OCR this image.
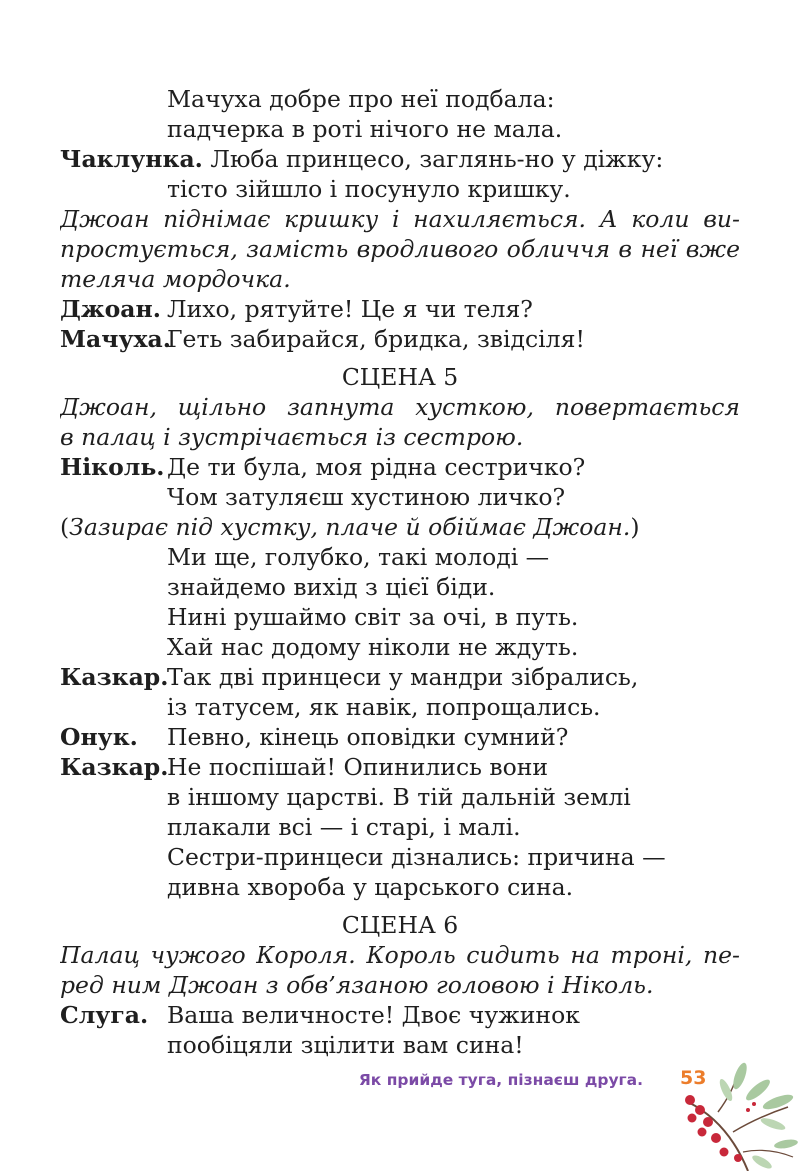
Мачуха добре про неї подбала:
падчерка в роті нічого не мала.
Чаклунка. Люба принцесо, заглянь-но у діжку:
тісто зійшло і посунуло кришку.
Джоан піднімає кришку і нахиляється. А коли ви-
простується, замість вродливого обличчя в неї вже
теляча мордочка.
Джоан. Лихо, рятуйте! Це я чи теля?
Мачуха.Геть забирайся, бридка, звідсіля!
СЦЕНА 5
Джоан, щільно запнута хусткою, повертається
в палац і зустрічається із сестрою.
Ніколь. Де ти була, моя рідна сестричко?
Чом затуляєш хустиною личко?
(Зазирає під хустку, плаче й обіймає Джоан.)
Ми ще, голубко, такі молоді —
знайдемо вихід з цієї біди.
Нині рушаймо світ за очі, в путь.
Хай нас додому ніколи не ждуть.
Казкар.Так дві принцеси у мандри зібрались,
із татусем, як навік, попрощались.
Онук. Певно, кінець оповідки сумний?
Казкар.Не поспішай! Опинились вони
в іншому царстві. В тій дальній землі
плакали всі — і старі, і малі.
Сестри-принцеси дізнались: причина —
дивна хвороба у царського сина.
СЦЕНА 6
Палац чужого Короля. Король сидить на троні, пе-
ред ним Джоан з обв’язаною головою і Ніколь.
Слуга. Ваша величносте! Двоє чужинок
пообіцяли зцілити вам сина!
Як прийде туга, пізнаєш друга. 53
